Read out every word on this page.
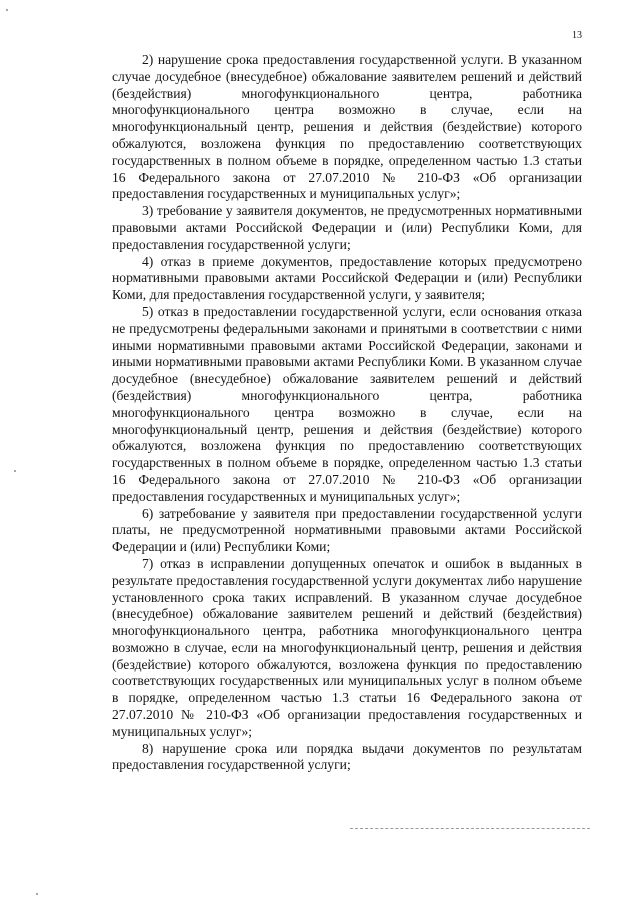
13

2) нарушение срока предоставления государственной услуги. В указанном случае досудебное (внесудебное) обжалование заявителем решений и действий (бездействия) многофункционального центра, работника многофункционального центра возможно в случае, если на многофункциональный центр, решения и действия (бездействие) которого обжалуются, возложена функция по предоставлению соответствующих государственных в полном объеме в порядке, определенном частью 1.3 статьи 16 Федерального закона от 27.07.2010 № 210-ФЗ «Об организации предоставления государственных и муниципальных услуг»;

3) требование у заявителя документов, не предусмотренных нормативными правовыми актами Российской Федерации и (или) Республики Коми, для предоставления государственной услуги;

4) отказ в приеме документов, предоставление которых предусмотрено нормативными правовыми актами Российской Федерации и (или) Республики Коми, для предоставления государственной услуги, у заявителя;

5) отказ в предоставлении государственной услуги, если основания отказа не предусмотрены федеральными законами и принятыми в соответствии с ними иными нормативными правовыми актами Российской Федерации, законами и иными нормативными правовыми актами Республики Коми. В указанном случае досудебное (внесудебное) обжалование заявителем решений и действий (бездействия) многофункционального центра, работника многофункционального центра возможно в случае, если на многофункциональный центр, решения и действия (бездействие) которого обжалуются, возложена функция по предоставлению соответствующих государственных в полном объеме в порядке, определенном частью 1.3 статьи 16 Федерального закона от 27.07.2010 № 210-ФЗ «Об организации предоставления государственных и муниципальных услуг»;

6) затребование у заявителя при предоставлении государственной услуги платы, не предусмотренной нормативными правовыми актами Российской Федерации и (или) Республики Коми;

7) отказ в исправлении допущенных опечаток и ошибок в выданных в результате предоставления государственной услуги документах либо нарушение установленного срока таких исправлений. В указанном случае досудебное (внесудебное) обжалование заявителем решений и действий (бездействия) многофункционального центра, работника многофункционального центра возможно в случае, если на многофункциональный центр, решения и действия (бездействие) которого обжалуются, возложена функция по предоставлению соответствующих государственных или муниципальных услуг в полном объеме в порядке, определенном частью 1.3 статьи 16 Федерального закона от 27.07.2010 № 210-ФЗ «Об организации предоставления государственных и муниципальных услуг»;

8) нарушение срока или порядка выдачи документов по результатам предоставления государственной услуги;
